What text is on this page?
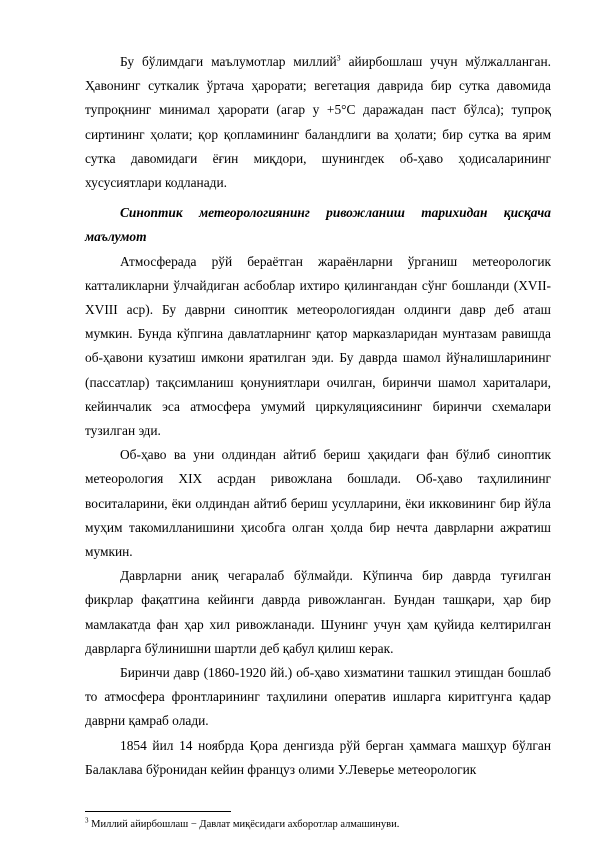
Бу бўлимдаги маълумотлар миллий$^3$ айирбошлаш учун мўлжалланган. Ҳавонинг суткалик ўртача ҳарорати; вегетация даврида бир сутка давомида тупроқнинг минимал ҳарорати (агар у +5°С даражадан паст бўлса); тупроқ сиртининг ҳолати; қор қопламининг баландлиги ва ҳолати; бир сутка ва ярим сутка давомидаги ёғин миқдори, шунингдек об-ҳаво ҳодисаларининг хусусиятлари кодланади.

Синоптик метеорологиянинг ривожланиш тарихидан қисқача маълумот

Атмосферада рўй бераётган жараёнларни ўрганиш метеорологик катталикларни ўлчайдиган асбоблар ихтиро қилингандан сўнг бошланди (XVII-XVIII аср). Бу даврни синоптик метеорологиядан олдинги давр деб аташ мумкин. Бунда кўпгина давлатларнинг қатор марказларидан мунтазам равишда об-ҳавони кузатиш имкони яратилган эди. Бу даврда шамол йўналишларининг (пассатлар) тақсимланиш қонуниятлари очилган, биринчи шамол хариталари, кейинчалик эса атмосфера умумий циркуляциясининг биринчи схемалари тузилган эди.

Об-ҳаво ва уни олдиндан айтиб бериш ҳақидаги фан бўлиб синоптик метеорология XIX асрдан ривожлана бошлади. Об-ҳаво таҳлилининг воситаларини, ёки олдиндан айтиб бериш усулларини, ёки икковининг бир йўла муҳим такомилланишини ҳисобга олган ҳолда бир нечта даврларни ажратиш мумкин.

Даврларни аниқ чегаралаб бўлмайди. Кўпинча бир даврда туғилган фикрлар фақатгина кейинги даврда ривожланган. Бундан ташқари, ҳар бир мамлакатда фан ҳар хил ривожланади. Шунинг учун ҳам қуйида келтирилган даврларга бўлинишни шартли деб қабул қилиш керак.

Биринчи давр (1860-1920 йй.) об-ҳаво хизматини ташкил этишдан бошлаб то атмосфера фронтларининг таҳлилини оператив ишларга киритгунга қадар даврни қамраб олади.

1854 йил 14 ноябрда Қора денгизда рўй берган ҳаммага машҳур бўлган Балаклава бўронидан кейин француз олими У.Леверье метеорологик

$^3$ Миллий айирбошлаш − Давлат миқёсидаги ахборотлар алмашинуви.
